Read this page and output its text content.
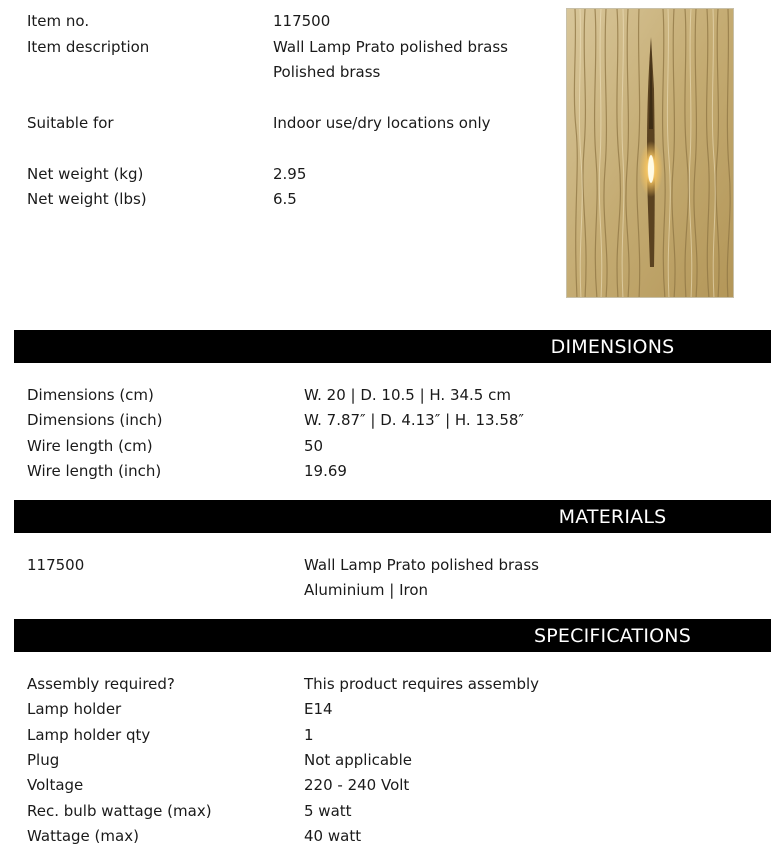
Item no.	117500
Item description	Wall Lamp Prato polished brass
Polished brass
Suitable for	Indoor use/dry locations only
Net weight (kg)	2.95
Net weight (lbs)	6.5
DIMENSIONS
Dimensions (cm)	W. 20 | D. 10.5 | H. 34.5 cm
Dimensions (inch)	W. 7.87″ | D. 4.13″ | H. 13.58″
Wire length (cm)	50
Wire length (inch)	19.69
MATERIALS
117500	Wall Lamp Prato polished brass
Aluminium | Iron
SPECIFICATIONS
Assembly required?	This product requires assembly
Lamp holder	E14
Lamp holder qty	1
Plug	Not applicable
Voltage	220 - 240 Volt
Rec. bulb wattage (max)	5 watt
Wattage (max)	40 watt
